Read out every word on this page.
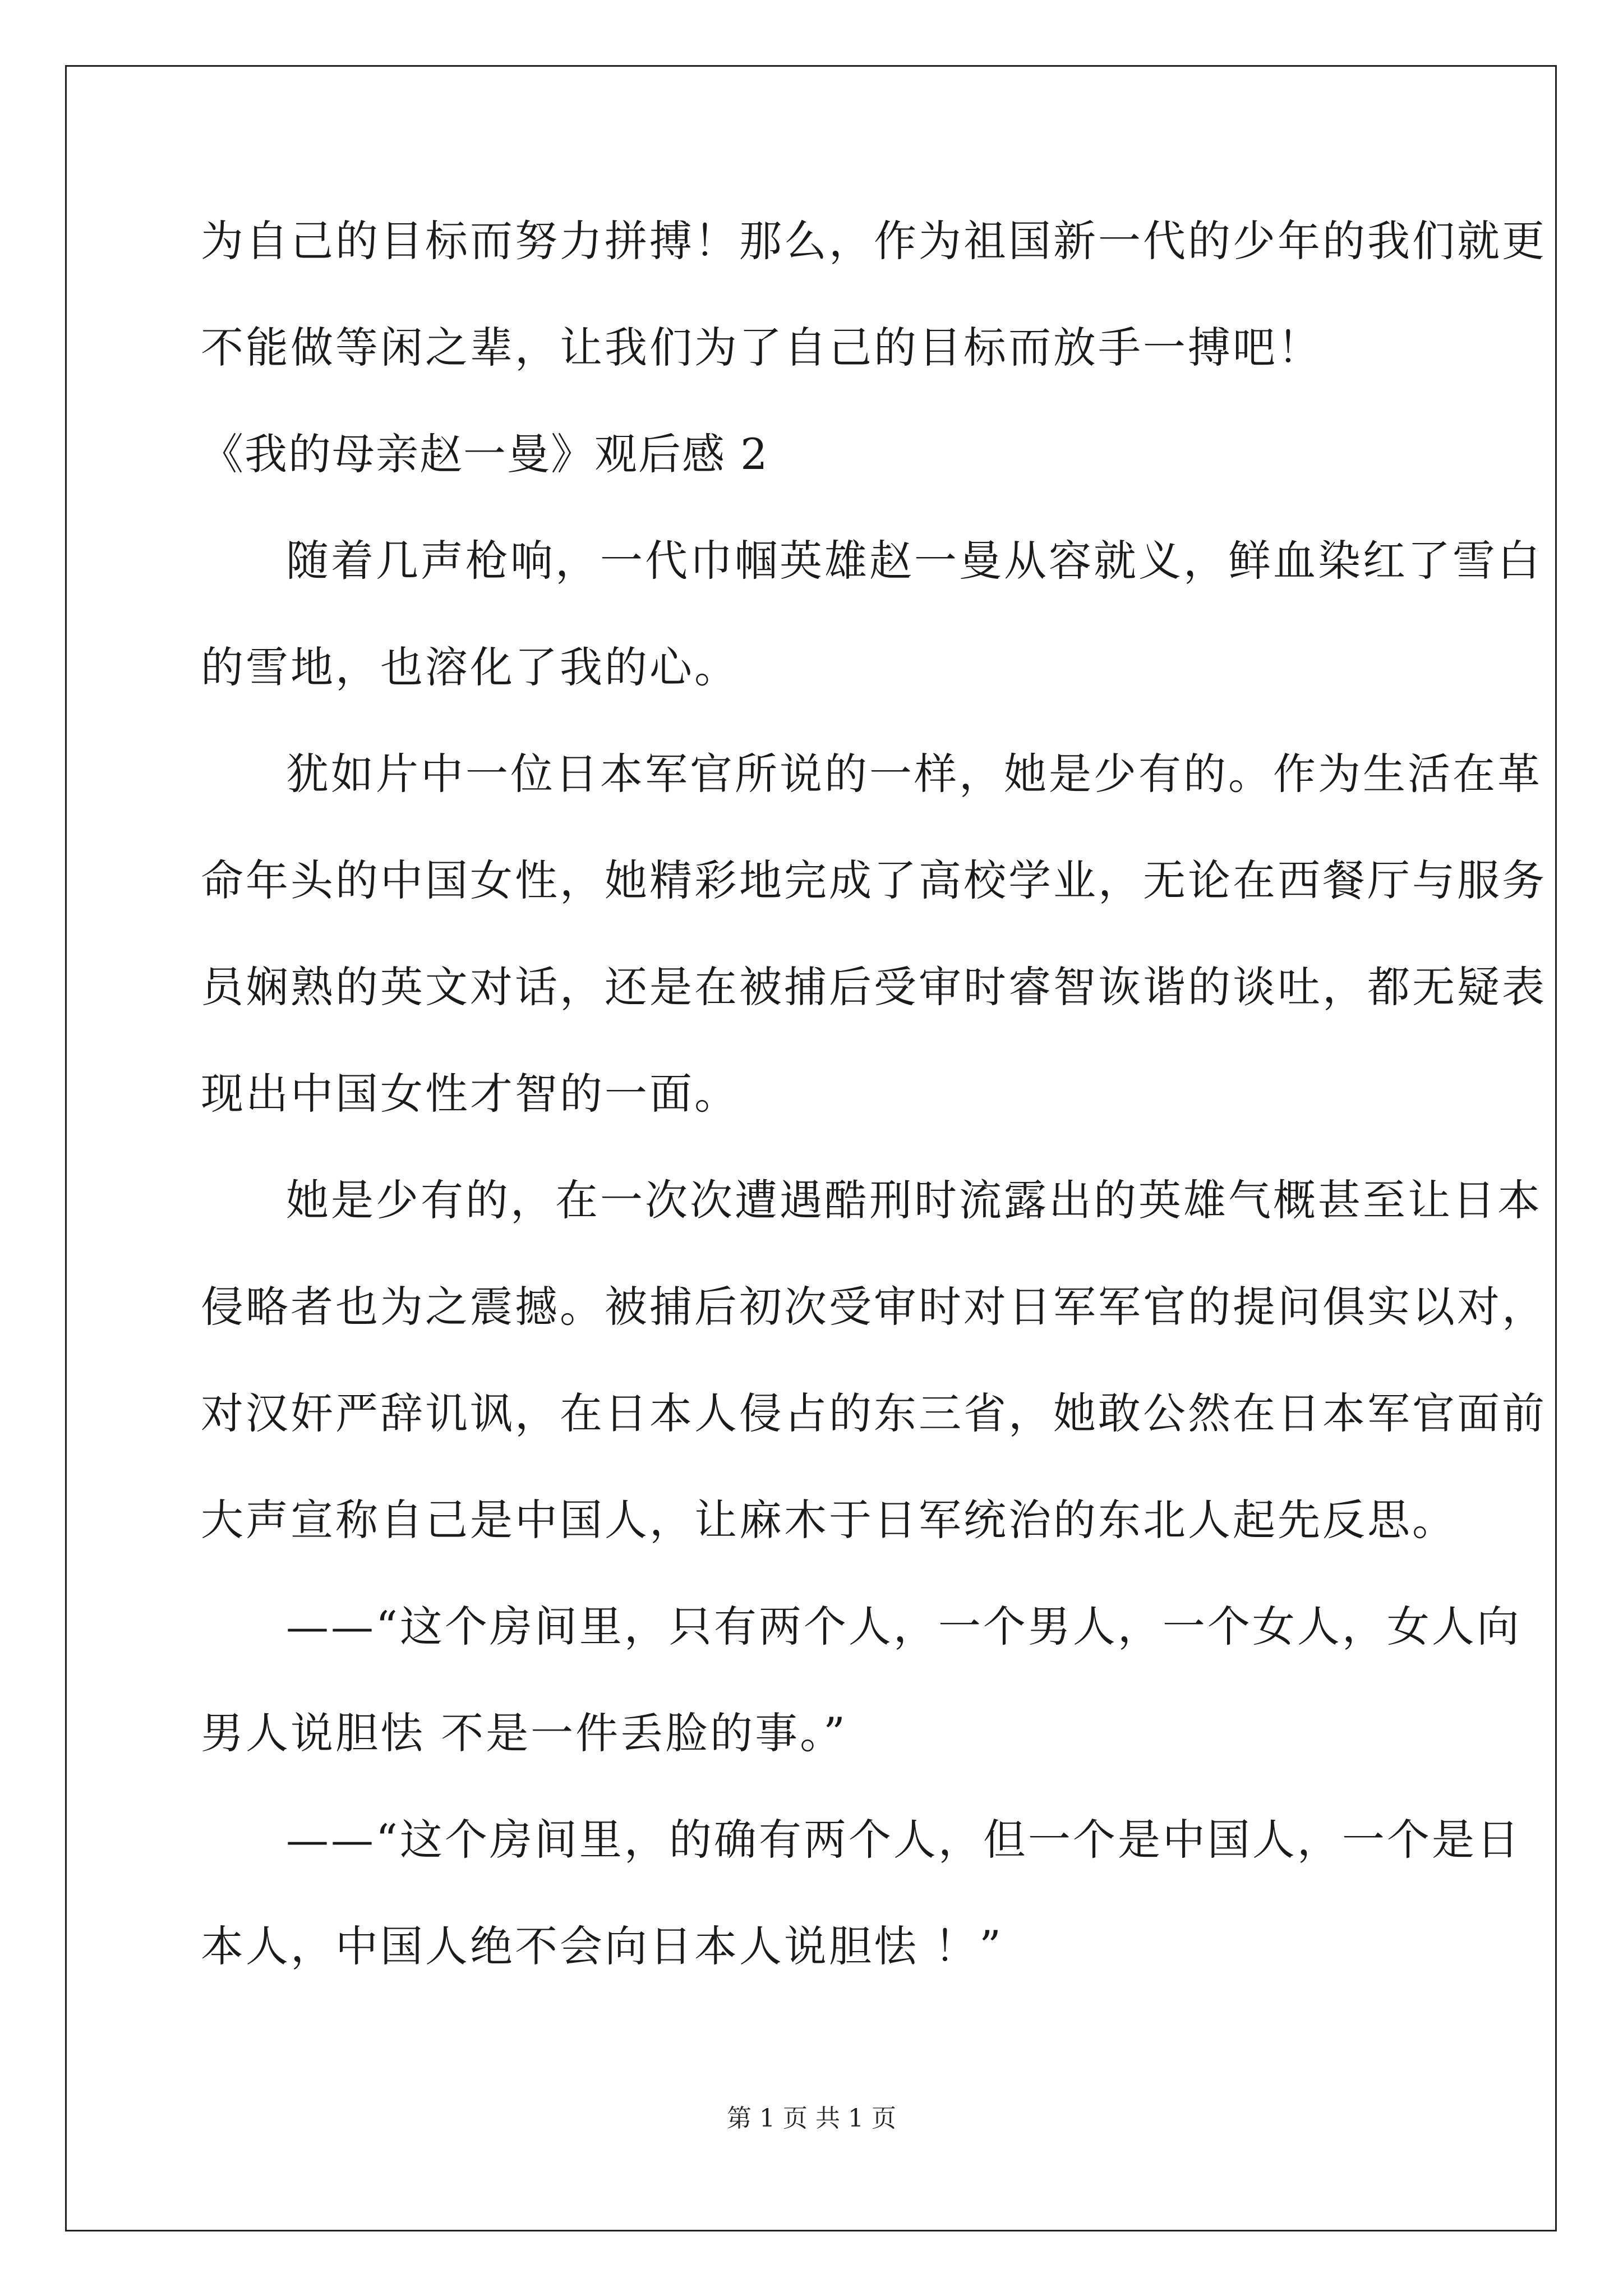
为自己的目标而努力拼搏！那么，作为祖国新一代的少年的我们就更
不能做等闲之辈，让我们为了自己的目标而放手一搏吧！
《我的母亲赵一曼》观后感 2
随着几声枪响，一代巾帼英雄赵一曼从容就义，鲜血染红了雪白
的雪地，也溶化了我的心。
犹如片中一位日本军官所说的一样，她是少有的。作为生活在革
命年头的中国女性，她精彩地完成了高校学业，无论在西餐厅与服务
员娴熟的英文对话，还是在被捕后受审时睿智诙谐的谈吐，都无疑表
现出中国女性才智的一面。
她是少有的，在一次次遭遇酷刑时流露出的英雄气概甚至让日本
侵略者也为之震撼。被捕后初次受审时对日军军官的提问俱实以对，
对汉奸严辞讥讽，在日本人侵占的东三省，她敢公然在日本军官面前
大声宣称自己是中国人，让麻木于日军统治的东北人起先反思。
——“这个房间里，只有两个人，一个男人，一个女人，女人向
男人说胆怯 不是一件丢脸的事。”
——“这个房间里，的确有两个人，但一个是中国人，一个是日
本人，中国人绝不会向日本人说胆怯 ！”
第 1 页 共 1 页
